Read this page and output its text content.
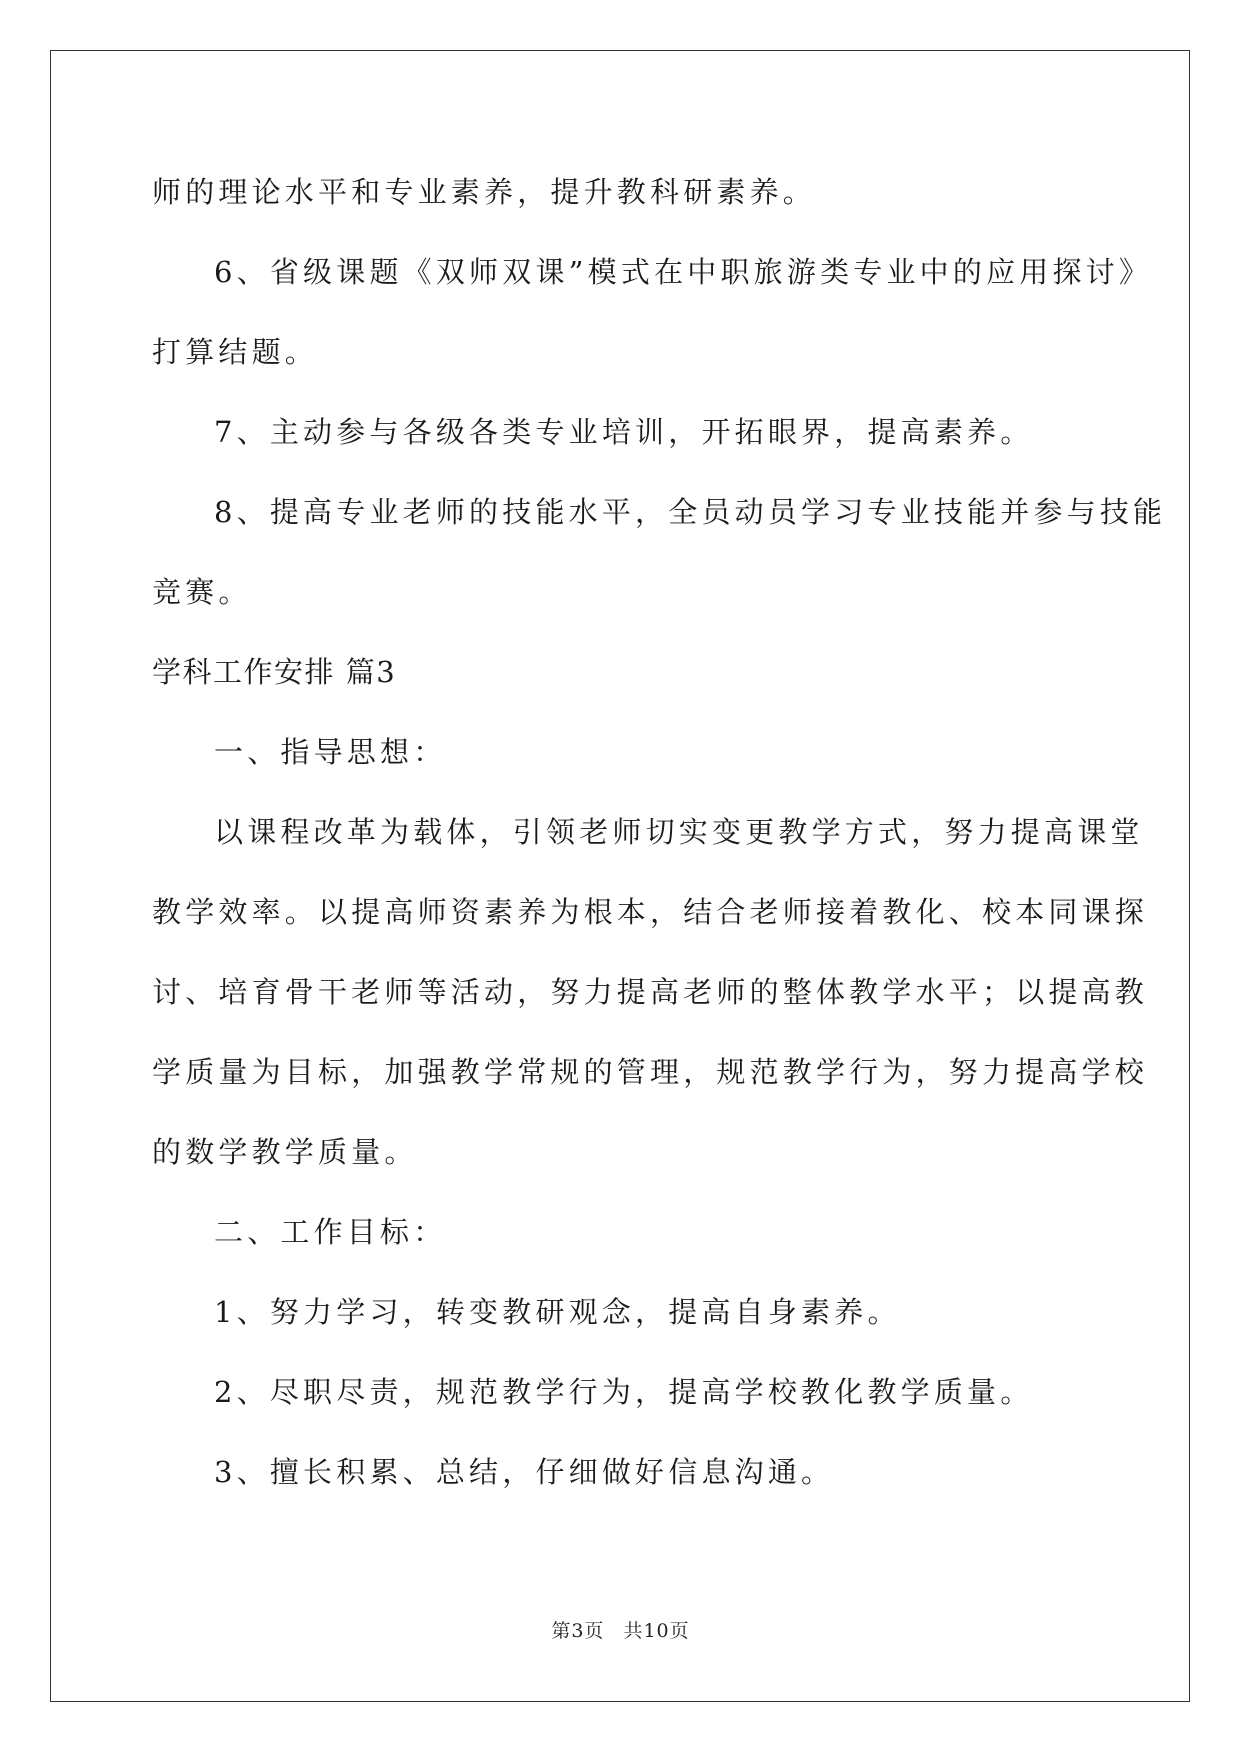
师的理论水平和专业素养，提升教科研素养。
6、省级课题《双师双课”模式在中职旅游类专业中的应用探讨》
打算结题。
7、主动参与各级各类专业培训，开拓眼界，提高素养。
8、提高专业老师的技能水平，全员动员学习专业技能并参与技能
竞赛。
学科工作安排 篇3
一、指导思想：
以课程改革为载体，引领老师切实变更教学方式，努力提高课堂
教学效率。以提高师资素养为根本，结合老师接着教化、校本同课探
讨、培育骨干老师等活动，努力提高老师的整体教学水平；以提高教
学质量为目标，加强教学常规的管理，规范教学行为，努力提高学校
的数学教学质量。
二、工作目标：
1、努力学习，转变教研观念，提高自身素养。
2、尽职尽责，规范教学行为，提高学校教化教学质量。
3、擅长积累、总结，仔细做好信息沟通。
第3页 共10页
